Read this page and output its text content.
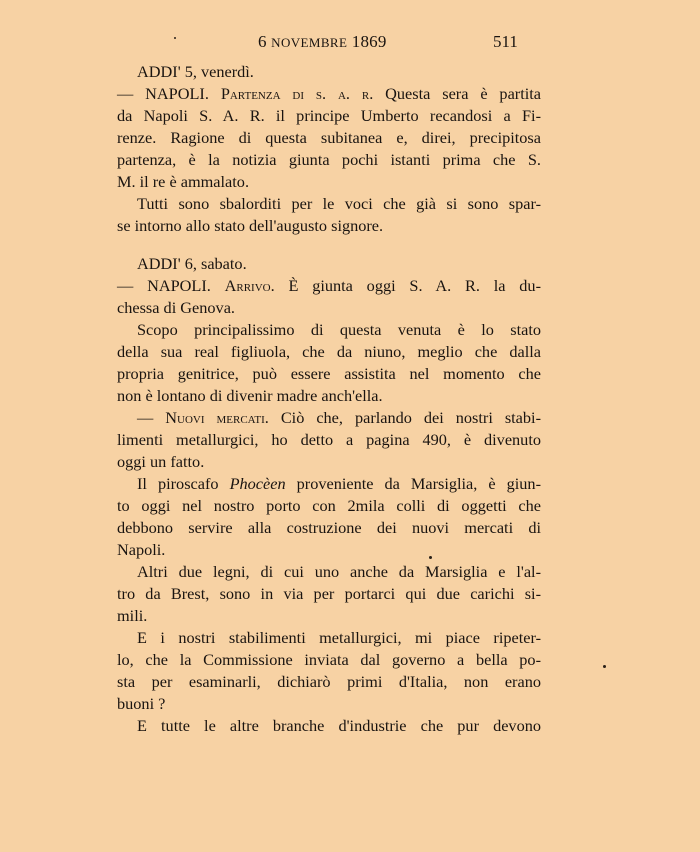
6 NOVEMBRE 1869	511
ADDI' 5, venerdì.
— NAPOLI. Partenza di s. a. r. Questa sera è partita
da Napoli S. A. R. il principe Umberto recandosi a Fi-
renze. Ragione di questa subitanea e, direi, precipitosa
partenza, è la notizia giunta pochi istanti prima che S.
M. il re è ammalato.
Tutti sono sbalorditi per le voci che già si sono spar-
se intorno allo stato dell'augusto signore.
ADDI' 6, sabato.
— NAPOLI. Arrivo. È giunta oggi S. A. R. la du-
chessa di Genova.
Scopo principalissimo di questa venuta è lo stato
della sua real figliuola, che da niuno, meglio che dalla
propria genitrice, può essere assistita nel momento che
non è lontano di divenir madre anch'ella.
— Nuovi mercati. Ciò che, parlando dei nostri stabi-
limenti metallurgici, ho detto a pagina 490, è divenuto
oggi un fatto.
Il piroscafo Phocèen proveniente da Marsiglia, è giun-
to oggi nel nostro porto con 2mila colli di oggetti che
debbono servire alla costruzione dei nuovi mercati di
Napoli.
Altri due legni, di cui uno anche da Marsiglia e l'al-
tro da Brest, sono in via per portarci qui due carichi si-
mili.
E i nostri stabilimenti metallurgici, mi piace ripeter-
lo, che la Commissione inviata dal governo a bella po-
sta per esaminarli, dichiarò primi d'Italia, non erano
buoni ?
E tutte le altre branche d'industrie che pur devono
